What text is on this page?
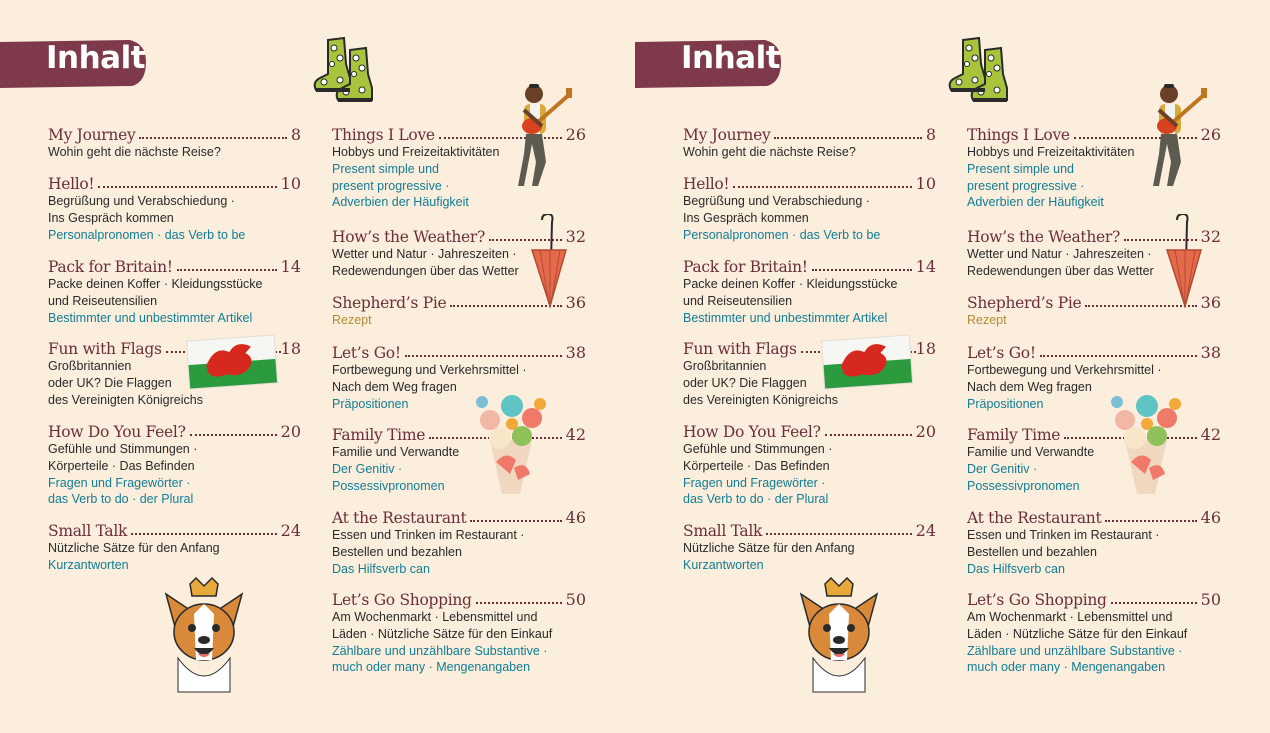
Inhalt
My Journey	8
Wohin geht die nächste Reise?
Hello!	10
Begrüßung und Verabschiedung ·
Ins Gespräch kommen
Personalpronomen · das Verb to be
Pack for Britain!	14
Packe deinen Koffer · Kleidungsstücke
und Reiseutensilien
Bestimmter und unbestimmter Artikel
Fun with Flags	18
Großbritannien
oder UK? Die Flaggen
des Vereinigten Königreichs
How Do You Feel?	20
Gefühle und Stimmungen ·
Körperteile · Das Befinden
Fragen und Fragewörter ·
das Verb to do · der Plural
Small Talk	24
Nützliche Sätze für den Anfang
Kurzantworten
Things I Love	26
Hobbys und Freizeitaktivitäten
Present simple und
present progressive ·
Adverbien der Häufigkeit
How’s the Weather?	32
Wetter und Natur · Jahreszeiten ·
Redewendungen über das Wetter
Shepherd’s Pie	36
Rezept
Let’s Go!	38
Fortbewegung und Verkehrsmittel ·
Nach dem Weg fragen
Präpositionen
Family Time	42
Familie und Verwandte
Der Genitiv ·
Possessivpronomen
At the Restaurant	46
Essen und Trinken im Restaurant ·
Bestellen und bezahlen
Das Hilfsverb can
Let’s Go Shopping	50
Am Wochenmarkt · Lebensmittel und
Läden · Nützliche Sätze für den Einkauf
Zählbare und unzählbare Substantive ·
much oder many · Mengenangaben
Inhalt
My Journey	8
Wohin geht die nächste Reise?
Hello!	10
Begrüßung und Verabschiedung ·
Ins Gespräch kommen
Personalpronomen · das Verb to be
Pack for Britain!	14
Packe deinen Koffer · Kleidungsstücke
und Reiseutensilien
Bestimmter und unbestimmter Artikel
Fun with Flags	18
Großbritannien
oder UK? Die Flaggen
des Vereinigten Königreichs
How Do You Feel?	20
Gefühle und Stimmungen ·
Körperteile · Das Befinden
Fragen und Fragewörter ·
das Verb to do · der Plural
Small Talk	24
Nützliche Sätze für den Anfang
Kurzantworten
Things I Love	26
Hobbys und Freizeitaktivitäten
Present simple und
present progressive ·
Adverbien der Häufigkeit
How’s the Weather?	32
Wetter und Natur · Jahreszeiten ·
Redewendungen über das Wetter
Shepherd’s Pie	36
Rezept
Let’s Go!	38
Fortbewegung und Verkehrsmittel ·
Nach dem Weg fragen
Präpositionen
Family Time	42
Familie und Verwandte
Der Genitiv ·
Possessivpronomen
At the Restaurant	46
Essen und Trinken im Restaurant ·
Bestellen und bezahlen
Das Hilfsverb can
Let’s Go Shopping	50
Am Wochenmarkt · Lebensmittel und
Läden · Nützliche Sätze für den Einkauf
Zählbare und unzählbare Substantive ·
much oder many · Mengenangaben
